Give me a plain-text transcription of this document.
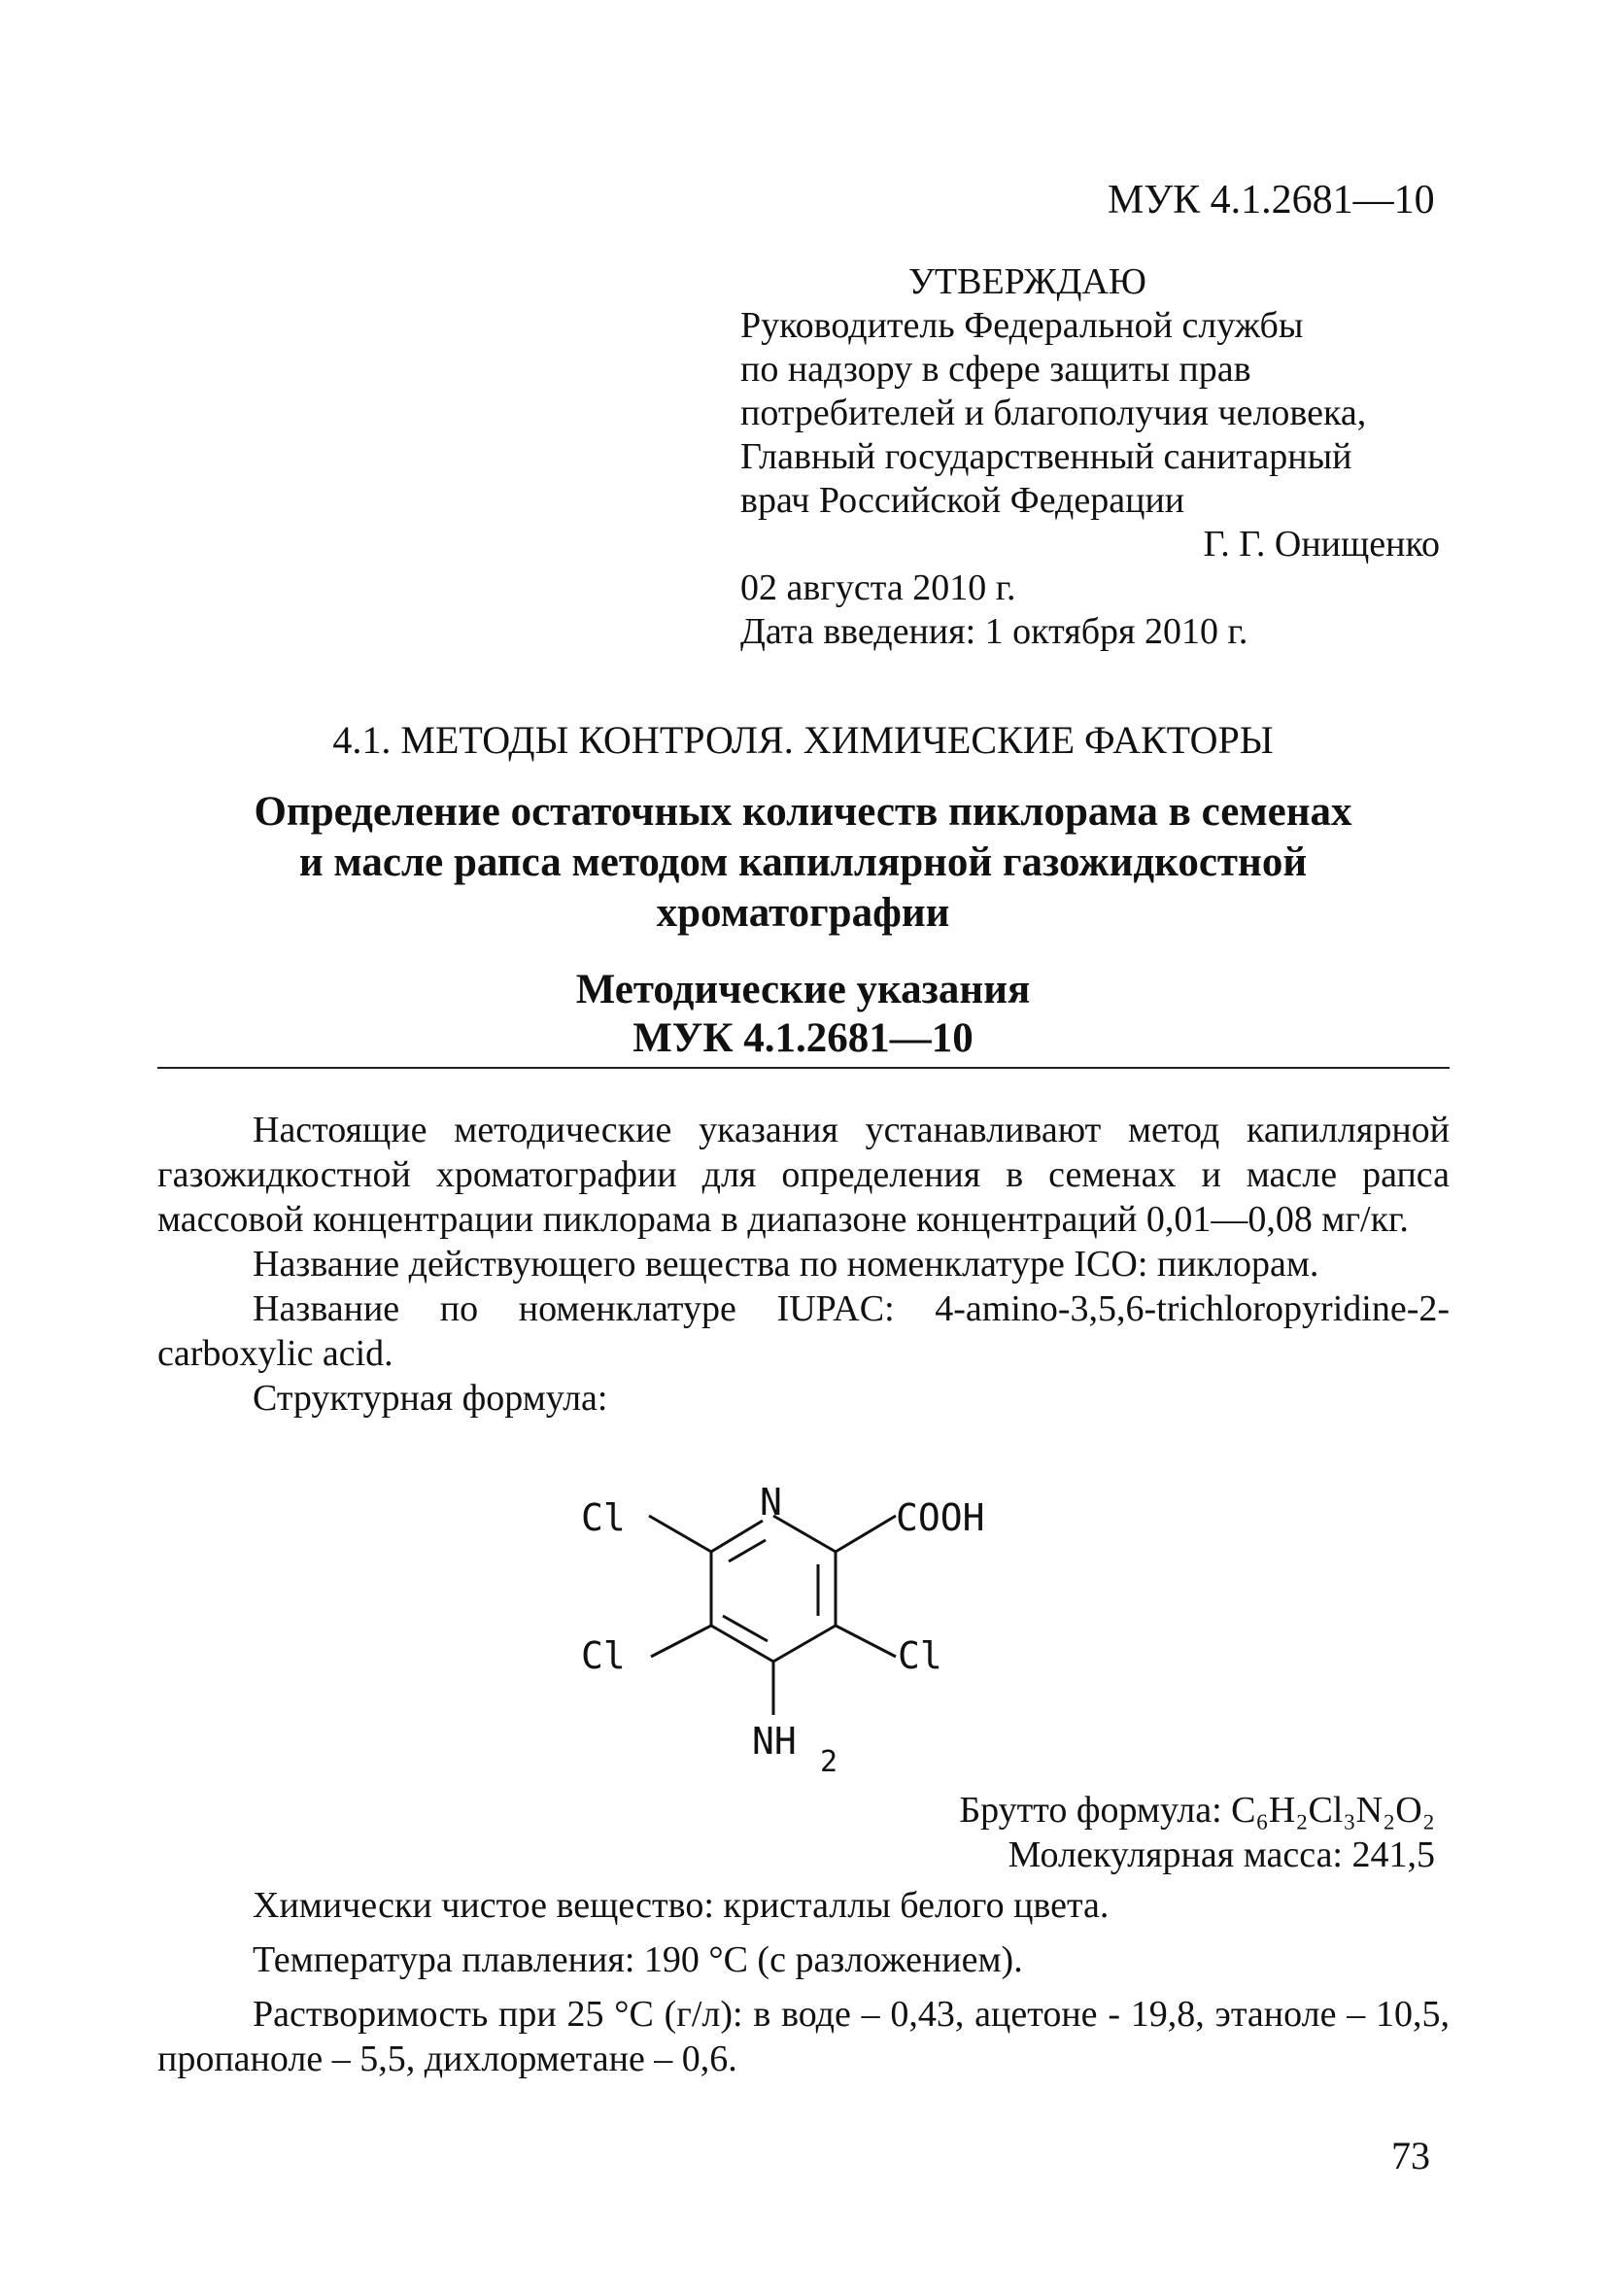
МУК 4.1.2681—10
УТВЕРЖДАЮ
Руководитель Федеральной службы
по надзору в сфере защиты прав
потребителей и благополучия человека,
Главный государственный санитарный
врач Российской Федерации
Г. Г. Онищенко
02 августа 2010 г.
Дата введения: 1 октября 2010 г.
4.1. МЕТОДЫ КОНТРОЛЯ. ХИМИЧЕСКИЕ ФАКТОРЫ
Определение остаточных количеств пиклорама в семенах
и масле рапса методом капиллярной газожидкостной
хроматографии
Методические указания
МУК 4.1.2681—10

Настоящие методические указания устанавливают метод капиллярной газожидкостной хроматографии для определения в семенах и масле рапса массовой концентрации пиклорама в диапазоне концентраций 0,01—0,08 мг/кг.

Название действующего вещества по номенклатуре ICO: пиклорам.

Название по номенклатуре IUPAC: 4-amino-3,5,6-trichloropyridine-2-carboxylic acid.

Структурная формула:

N	COOH
Cl
Cl	Cl
NH 2
Брутто формула: C₆H₂Cl₃N₂O₂
Молекулярная масса: 241,5

Химически чистое вещество: кристаллы белого цвета.

Температура плавления: 190 °C (с разложением).

Растворимость при 25 °C (г/л): в воде – 0,43, ацетоне - 19,8, этаноле – 10,5, пропаноле – 5,5, дихлорметане – 0,6.

73
